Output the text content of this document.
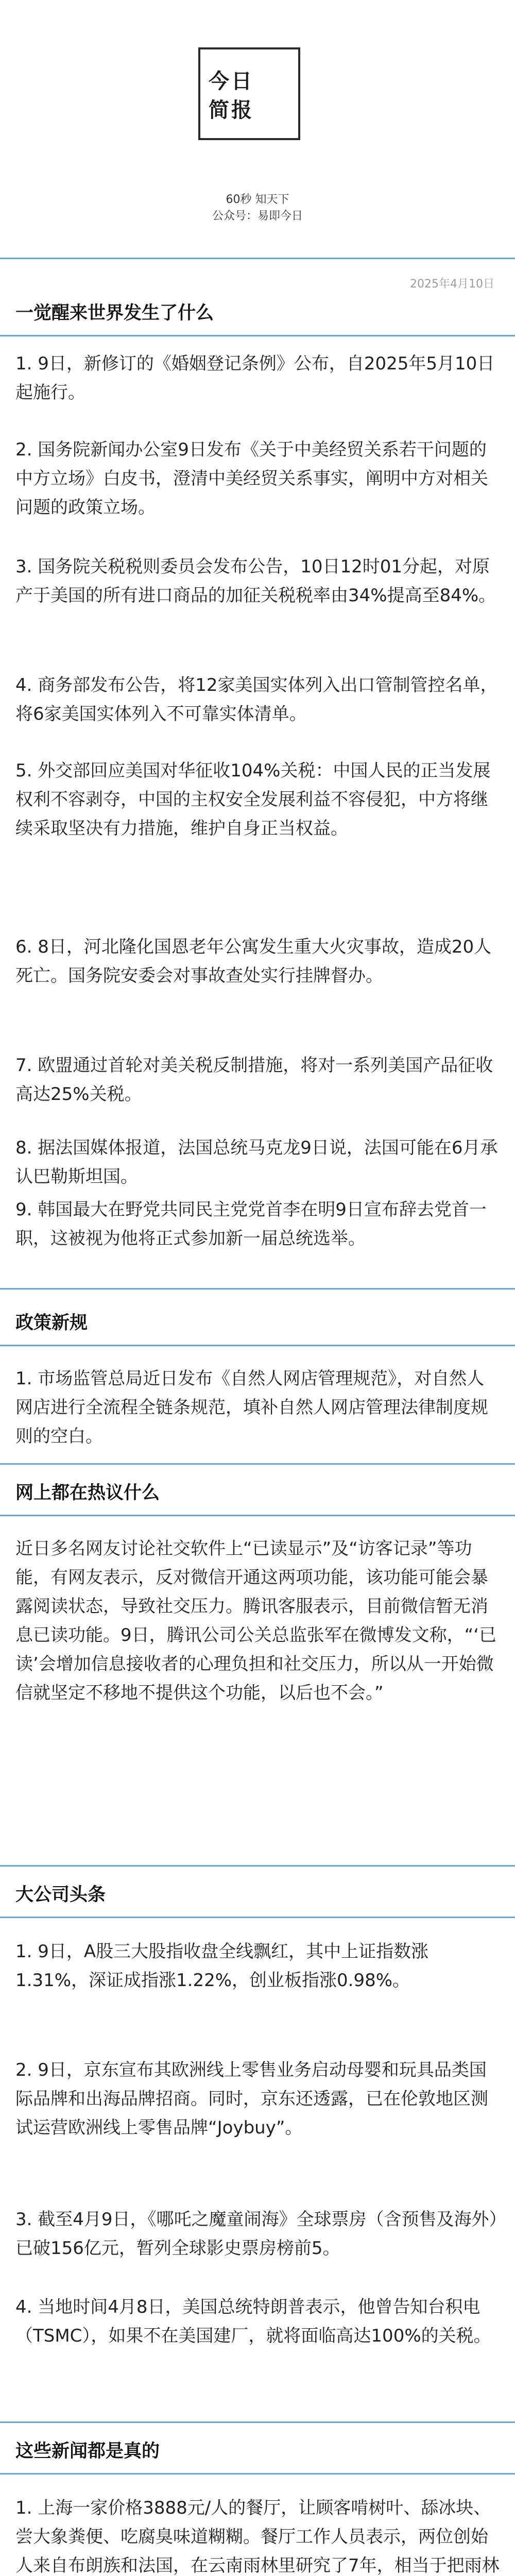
今日
简报
60秒 知天下
公众号：易即今日
2025年4月10日
一觉醒来世界发生了什么
1. 9日，新修订的《婚姻登记条例》公布，自2025年5月10日起施行。
2. 国务院新闻办公室9日发布《关于中美经贸关系若干问题的中方立场》白皮书，澄清中美经贸关系事实，阐明中方对相关问题的政策立场。
3. 国务院关税税则委员会发布公告，10日12时01分起，对原产于美国的所有进口商品的加征关税税率由34%提高至84%。
4. 商务部发布公告，将12家美国实体列入出口管制管控名单，将6家美国实体列入不可靠实体清单。
5. 外交部回应美国对华征收104%关税：中国人民的正当发展权利不容剥夺，中国的主权安全发展利益不容侵犯，中方将继续采取坚决有力措施，维护自身正当权益。
6. 8日，河北隆化国恩老年公寓发生重大火灾事故，造成20人死亡。国务院安委会对事故查处实行挂牌督办。
7. 欧盟通过首轮对美关税反制措施，将对一系列美国产品征收高达25%关税。
8. 据法国媒体报道，法国总统马克龙9日说，法国可能在6月承认巴勒斯坦国。
9. 韩国最大在野党共同民主党党首李在明9日宣布辞去党首一职，这被视为他将正式参加新一届总统选举。
政策新规
1. 市场监管总局近日发布《自然人网店管理规范》，对自然人网店进行全流程全链条规范，填补自然人网店管理法律制度规则的空白。
网上都在热议什么
近日多名网友讨论社交软件上“已读显示”及“访客记录”等功能，有网友表示，反对微信开通这两项功能，该功能可能会暴露阅读状态，导致社交压力。腾讯客服表示，目前微信暂无消息已读功能。9日，腾讯公司公关总监张军在微博发文称，“‘已读’会增加信息接收者的心理负担和社交压力，所以从一开始微信就坚定不移地不提供这个功能，以后也不会。”
大公司头条
1. 9日，A股三大股指收盘全线飘红，其中上证指数涨1.31%，深证成指涨1.22%，创业板指涨0.98%。
2. 9日，京东宣布其欧洲线上零售业务启动母婴和玩具品类国际品牌和出海品牌招商。同时，京东还透露，已在伦敦地区测试运营欧洲线上零售品牌“Joybuy”。
3. 截至4月9日，《哪吒之魔童闹海》全球票房（含预售及海外）已破156亿元，暂列全球影史票房榜前5。
4. 当地时间4月8日，美国总统特朗普表示，他曾告知台积电（TSMC），如果不在美国建厂，就将面临高达100%的关税。
这些新闻都是真的
1. 上海一家价格3888元/人的餐厅，让顾客啃树叶、舔冰块、尝大象粪便、吃腐臭味道糊糊。餐厅工作人员表示，两位创始人来自布朗族和法国，在云南雨林里研究了7年，相当于把雨林
